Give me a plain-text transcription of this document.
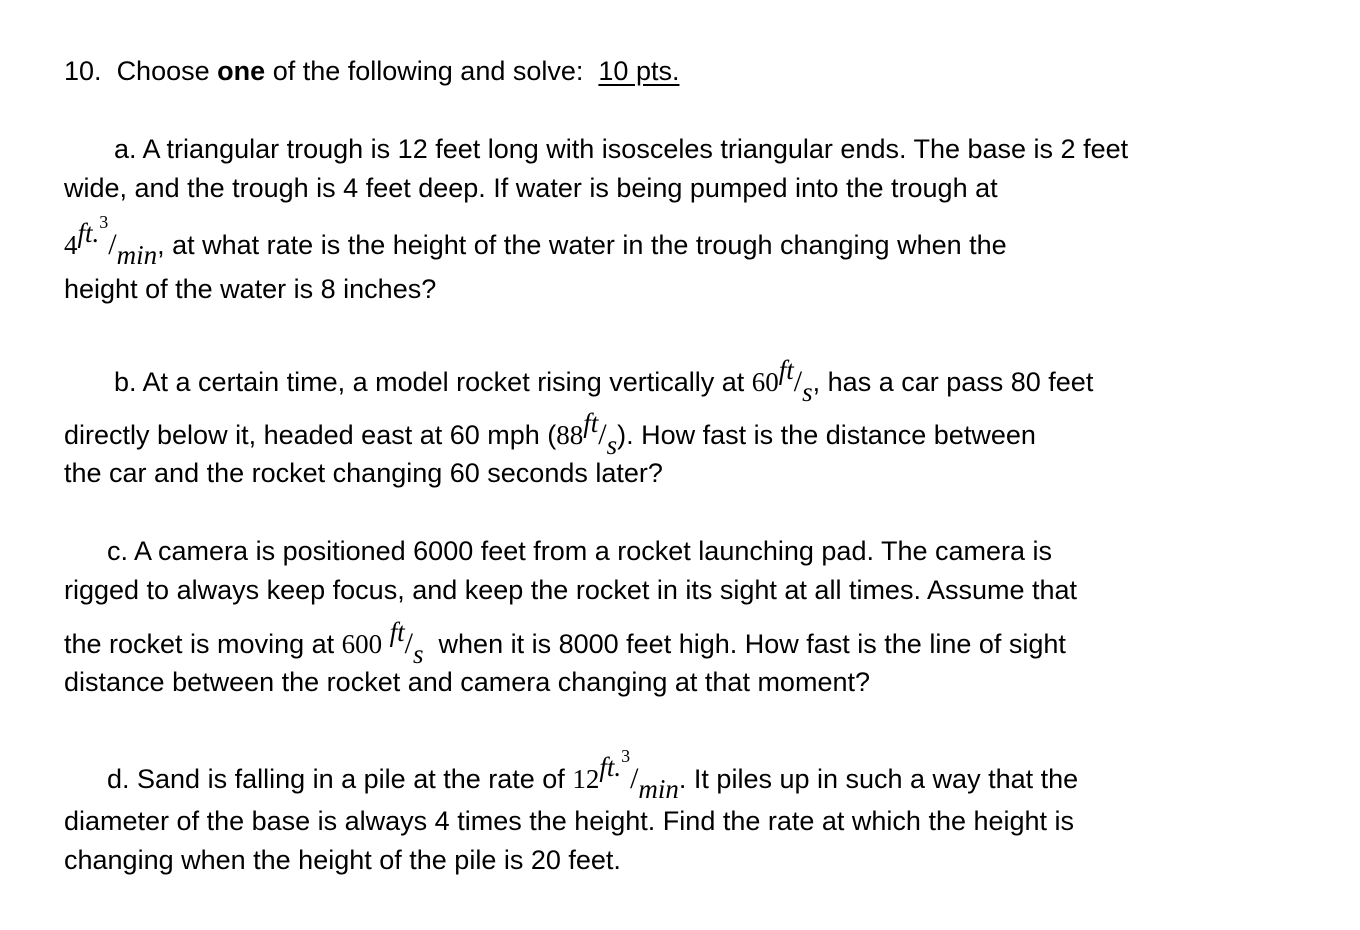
10. Choose one of the following and solve: 10 pts.
a. A triangular trough is 12 feet long with isosceles triangular ends. The base is 2 feet
wide, and the trough is 4 feet deep. If water is being pumped into the trough at
4ft.$^3$/min, at what rate is the height of the water in the trough changing when the
height of the water is 8 inches?
b. At a certain time, a model rocket rising vertically at 60ft/s, has a car pass 80 feet
directly below it, headed east at 60 mph (88ft/s). How fast is the distance between
the car and the rocket changing 60 seconds later?
c. A camera is positioned 6000 feet from a rocket launching pad. The camera is
rigged to always keep focus, and keep the rocket in its sight at all times. Assume that
the rocket is moving at 600 ft/s when it is 8000 feet high. How fast is the line of sight
distance between the rocket and camera changing at that moment?
d. Sand is falling in a pile at the rate of 12ft.$^3$/min. It piles up in such a way that the
diameter of the base is always 4 times the height. Find the rate at which the height is
changing when the height of the pile is 20 feet.
